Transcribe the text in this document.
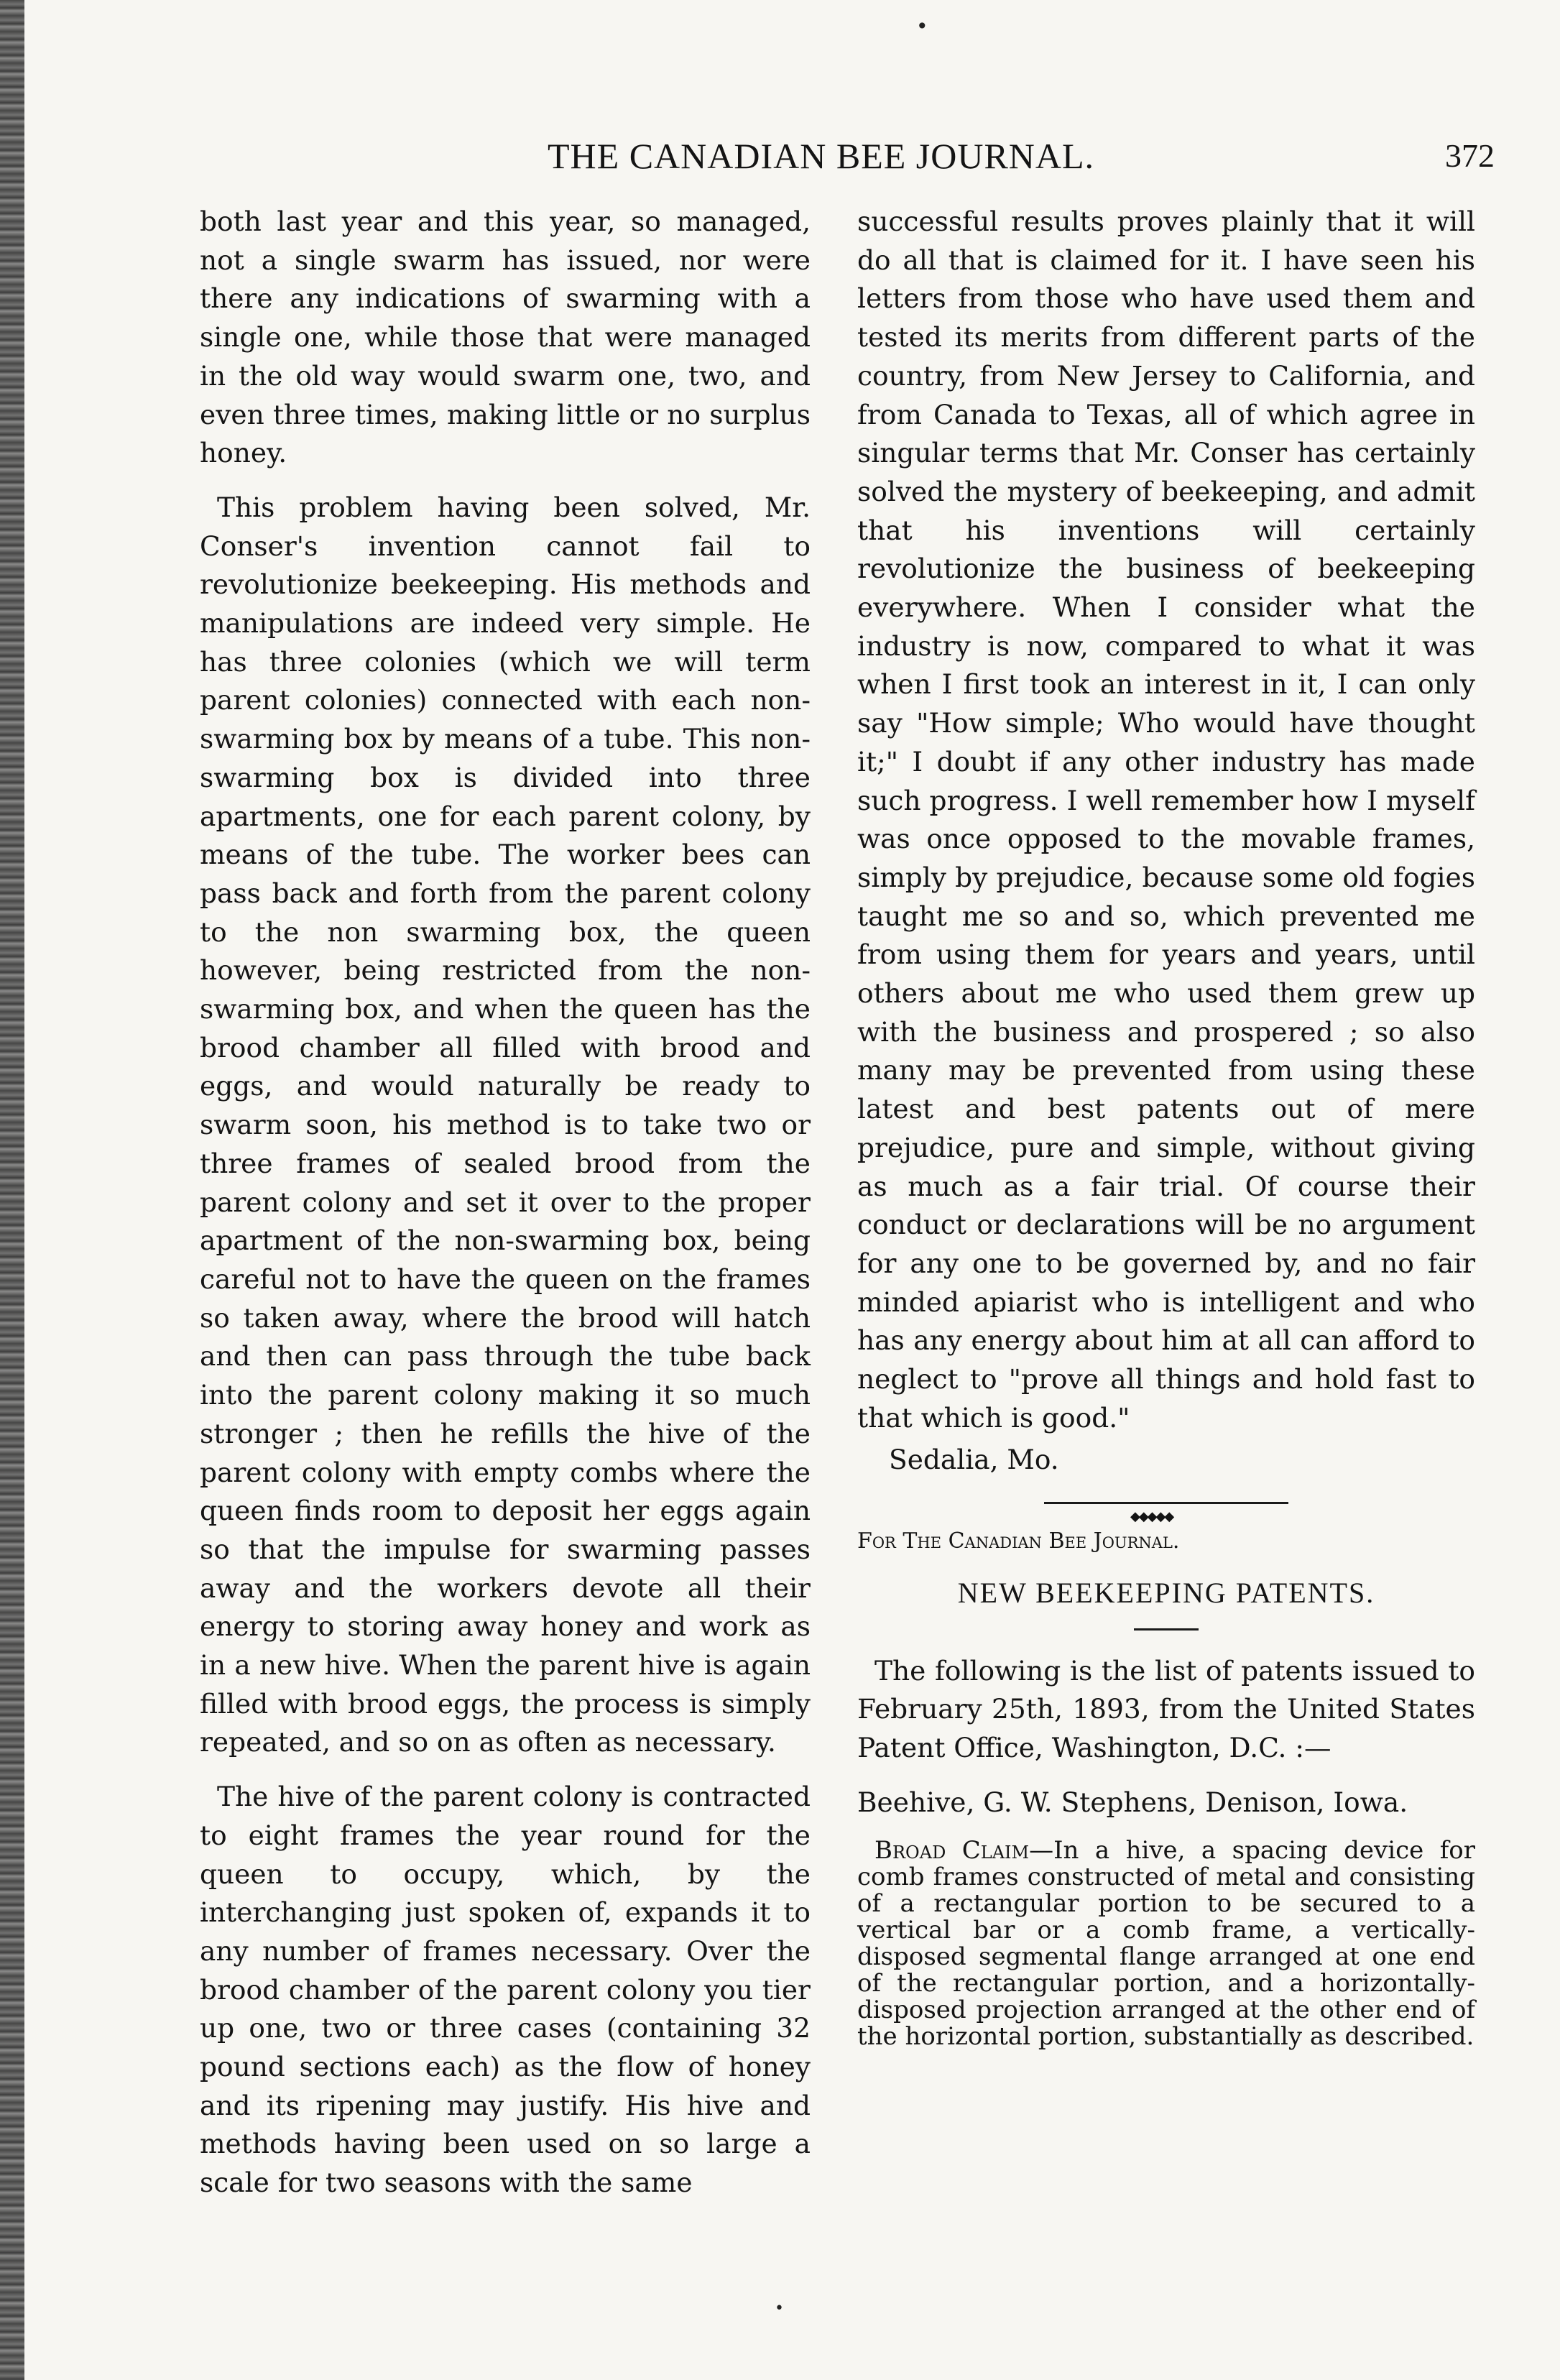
•
THE CANADIAN BEE JOURNAL.	372

both last year and this year, so managed, not a single swarm has issued, nor were there any indications of swarming with a single one, while those that were managed in the old way would swarm one, two, and even three times, making little or no surplus honey.

This problem having been solved, Mr. Conser's invention cannot fail to revolutionize beekeeping. His methods and manipulations are indeed very simple. He has three colonies (which we will term parent colonies) connected with each non-swarming box by means of a tube. This non-swarming box is divided into three apartments, one for each parent colony, by means of the tube. The worker bees can pass back and forth from the parent colony to the non swarming box, the queen however, being restricted from the non-swarming box, and when the queen has the brood chamber all filled with brood and eggs, and would naturally be ready to swarm soon, his method is to take two or three frames of sealed brood from the parent colony and set it over to the proper apartment of the non-swarming box, being careful not to have the queen on the frames so taken away, where the brood will hatch and then can pass through the tube back into the parent colony making it so much stronger ; then he refills the hive of the parent colony with empty combs where the queen finds room to deposit her eggs again so that the impulse for swarming passes away and the workers devote all their energy to storing away honey and work as in a new hive. When the parent hive is again filled with brood eggs, the process is simply repeated, and so on as often as necessary.

The hive of the parent colony is contracted to eight frames the year round for the queen to occupy, which, by the interchanging just spoken of, expands it to any number of frames necessary. Over the brood chamber of the parent colony you tier up one, two or three cases (containing 32 pound sections each) as the flow of honey and its ripening may justify. His hive and methods having been used on so large a scale for two seasons with the same

successful results proves plainly that it will do all that is claimed for it. I have seen his letters from those who have used them and tested its merits from different parts of the country, from New Jersey to California, and from Canada to Texas, all of which agree in singular terms that Mr. Conser has certainly solved the mystery of beekeeping, and admit that his inventions will certainly revolutionize the business of beekeeping everywhere. When I consider what the industry is now, compared to what it was when I first took an interest in it, I can only say "How simple; Who would have thought it;" I doubt if any other industry has made such progress. I well remember how I myself was once opposed to the movable frames, simply by prejudice, because some old fogies taught me so and so, which prevented me from using them for years and years, until others about me who used them grew up with the business and prospered ; so also many may be prevented from using these latest and best patents out of mere prejudice, pure and simple, without giving as much as a fair trial. Of course their conduct or declarations will be no argument for any one to be governed by, and no fair minded apiarist who is intelligent and who has any energy about him at all can afford to neglect to "prove all things and hold fast to that which is good."

Sedalia, Mo.

◆◆◆◆◆

For The Canadian Bee Journal.

NEW BEEKEEPING PATENTS.

The following is the list of patents issued to February 25th, 1893, from the United States Patent Office, Washington, D.C. :—

Beehive, G. W. Stephens, Denison, Iowa.

Broad Claim—In a hive, a spacing device for comb frames constructed of metal and consisting of a rectangular portion to be secured to a vertical bar or a comb frame, a vertically-disposed segmental flange arranged at one end of the rectangular portion, and a horizontally-disposed projection arranged at the other end of the horizontal portion, substantially as described.

•
